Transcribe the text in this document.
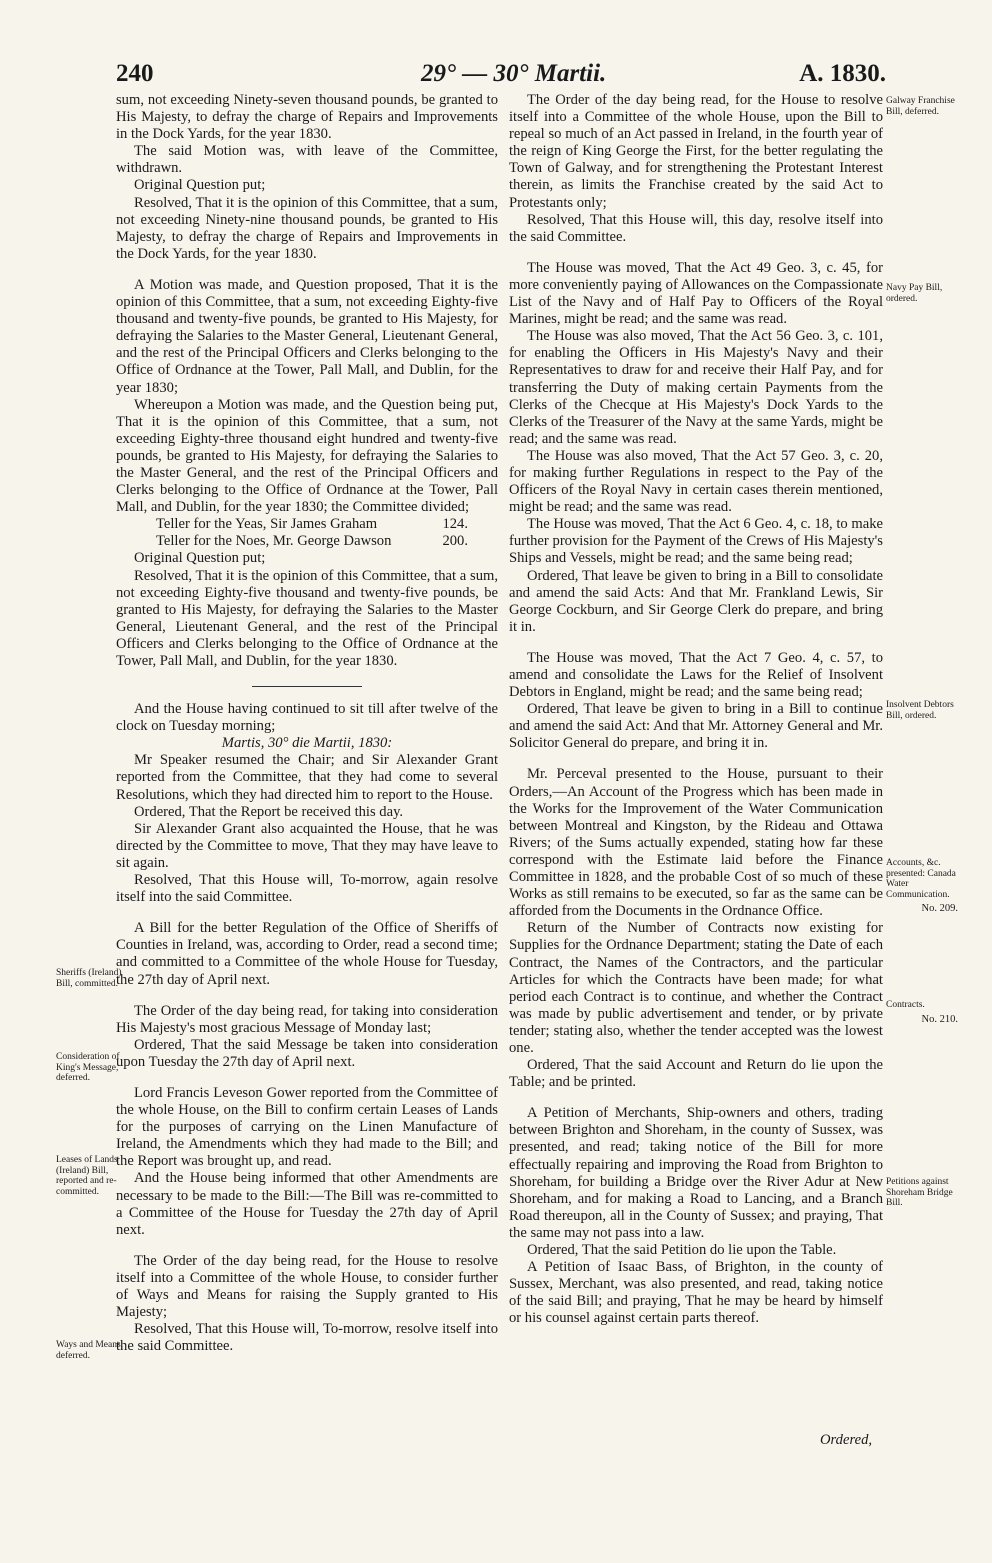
240	29° — 30° Martii.	A. 1830.

sum, not exceeding Ninety-seven thousand pounds, be granted to His Majesty, to defray the charge of Repairs and Improvements in the Dock Yards, for the year 1830.

The said Motion was, with leave of the Committee, withdrawn.

Original Question put;

Resolved, That it is the opinion of this Committee, that a sum, not exceeding Ninety-nine thousand pounds, be granted to His Majesty, to defray the charge of Repairs and Improvements in the Dock Yards, for the year 1830.

A Motion was made, and Question proposed, That it is the opinion of this Committee, that a sum, not exceeding Eighty-five thousand and twenty-five pounds, be granted to His Majesty, for defraying the Salaries to the Master General, Lieutenant General, and the rest of the Principal Officers and Clerks belonging to the Office of Ordnance at the Tower, Pall Mall, and Dublin, for the year 1830;

Whereupon a Motion was made, and the Question being put, That it is the opinion of this Committee, that a sum, not exceeding Eighty-three thousand eight hundred and twenty-five pounds, be granted to His Majesty, for defraying the Salaries to the Master General, and the rest of the Principal Officers and Clerks belonging to the Office of Ordnance at the Tower, Pall Mall, and Dublin, for the year 1830; the Committee divided;

Teller for the Yeas, Sir James Graham	124.

Teller for the Noes, Mr. George Dawson	200.

Original Question put;

Resolved, That it is the opinion of this Committee, that a sum, not exceeding Eighty-five thousand and twenty-five pounds, be granted to His Majesty, for defraying the Salaries to the Master General, Lieutenant General, and the rest of the Principal Officers and Clerks belonging to the Office of Ordnance at the Tower, Pall Mall, and Dublin, for the year 1830.

And the House having continued to sit till after twelve of the clock on Tuesday morning;

Martis, 30° die Martii, 1830:

Mr Speaker resumed the Chair; and Sir Alexander Grant reported from the Committee, that they had come to several Resolutions, which they had directed him to report to the House.

Ordered, That the Report be received this day.

Sir Alexander Grant also acquainted the House, that he was directed by the Committee to move, That they may have leave to sit again.

Resolved, That this House will, To-morrow, again resolve itself into the said Committee.

A Bill for the better Regulation of the Office of Sheriffs of Counties in Ireland, was, according to Order, read a second time; and committed to a Committee of the whole House for Tuesday, the 27th day of April next.

The Order of the day being read, for taking into consideration His Majesty's most gracious Message of Monday last;

Ordered, That the said Message be taken into consideration upon Tuesday the 27th day of April next.

Lord Francis Leveson Gower reported from the Committee of the whole House, on the Bill to confirm certain Leases of Lands for the purposes of carrying on the Linen Manufacture of Ireland, the Amendments which they had made to the Bill; and the Report was brought up, and read.

And the House being informed that other Amendments are necessary to be made to the Bill:—The Bill was re-committed to a Committee of the House for Tuesday the 27th day of April next.

The Order of the day being read, for the House to resolve itself into a Committee of the whole House, to consider further of Ways and Means for raising the Supply granted to His Majesty;

Resolved, That this House will, To-morrow, resolve itself into the said Committee.

The Order of the day being read, for the House to resolve itself into a Committee of the whole House, upon the Bill to repeal so much of an Act passed in Ireland, in the fourth year of the reign of King George the First, for the better regulating the Town of Galway, and for strengthening the Protestant Interest therein, as limits the Franchise created by the said Act to Protestants only;

Resolved, That this House will, this day, resolve itself into the said Committee.

The House was moved, That the Act 49 Geo. 3, c. 45, for more conveniently paying of Allowances on the Compassionate List of the Navy and of Half Pay to Officers of the Royal Marines, might be read; and the same was read.

The House was also moved, That the Act 56 Geo. 3, c. 101, for enabling the Officers in His Majesty's Navy and their Representatives to draw for and receive their Half Pay, and for transferring the Duty of making certain Payments from the Clerks of the Checque at His Majesty's Dock Yards to the Clerks of the Treasurer of the Navy at the same Yards, might be read; and the same was read.

The House was also moved, That the Act 57 Geo. 3, c. 20, for making further Regulations in respect to the Pay of the Officers of the Royal Navy in certain cases therein mentioned, might be read; and the same was read.

The House was moved, That the Act 6 Geo. 4, c. 18, to make further provision for the Payment of the Crews of His Majesty's Ships and Vessels, might be read; and the same being read;

Ordered, That leave be given to bring in a Bill to consolidate and amend the said Acts: And that Mr. Frankland Lewis, Sir George Cockburn, and Sir George Clerk do prepare, and bring it in.

The House was moved, That the Act 7 Geo. 4, c. 57, to amend and consolidate the Laws for the Relief of Insolvent Debtors in England, might be read; and the same being read;

Ordered, That leave be given to bring in a Bill to continue and amend the said Act: And that Mr. Attorney General and Mr. Solicitor General do prepare, and bring it in.

Mr. Perceval presented to the House, pursuant to their Orders,—An Account of the Progress which has been made in the Works for the Improvement of the Water Communication between Montreal and Kingston, by the Rideau and Ottawa Rivers; of the Sums actually expended, stating how far these correspond with the Estimate laid before the Finance Committee in 1828, and the probable Cost of so much of these Works as still remains to be executed, so far as the same can be afforded from the Documents in the Ordnance Office.

Return of the Number of Contracts now existing for Supplies for the Ordnance Department; stating the Date of each Contract, the Names of the Contractors, and the particular Articles for which the Contracts have been made; for what period each Contract is to continue, and whether the Contract was made by public advertisement and tender, or by private tender; stating also, whether the tender accepted was the lowest one.

Ordered, That the said Account and Return do lie upon the Table; and be printed.

A Petition of Merchants, Ship-owners and others, trading between Brighton and Shoreham, in the county of Sussex, was presented, and read; taking notice of the Bill for more effectually repairing and improving the Road from Brighton to Shoreham, for building a Bridge over the River Adur at New Shoreham, and for making a Road to Lancing, and a Branch Road thereupon, all in the County of Sussex; and praying, That the same may not pass into a law.

Ordered, That the said Petition do lie upon the Table.

A Petition of Isaac Bass, of Brighton, in the county of Sussex, Merchant, was also presented, and read, taking notice of the said Bill; and praying, That he may be heard by himself or his counsel against certain parts thereof.

Galway Franchise Bill, deferred.
Navy Pay Bill, ordered.
Insolvent Debtors Bill, ordered.
Accounts, &c. presented: Canada Water Communication.
No. 209.
Contracts.
No. 210.
Petitions against Shoreham Bridge Bill.
Sheriffs (Ireland) Bill, committed.
Consideration of King's Message, deferred.
Leases of Lands (Ireland) Bill, reported and re-committed.
Ways and Means, deferred.
Ordered,
